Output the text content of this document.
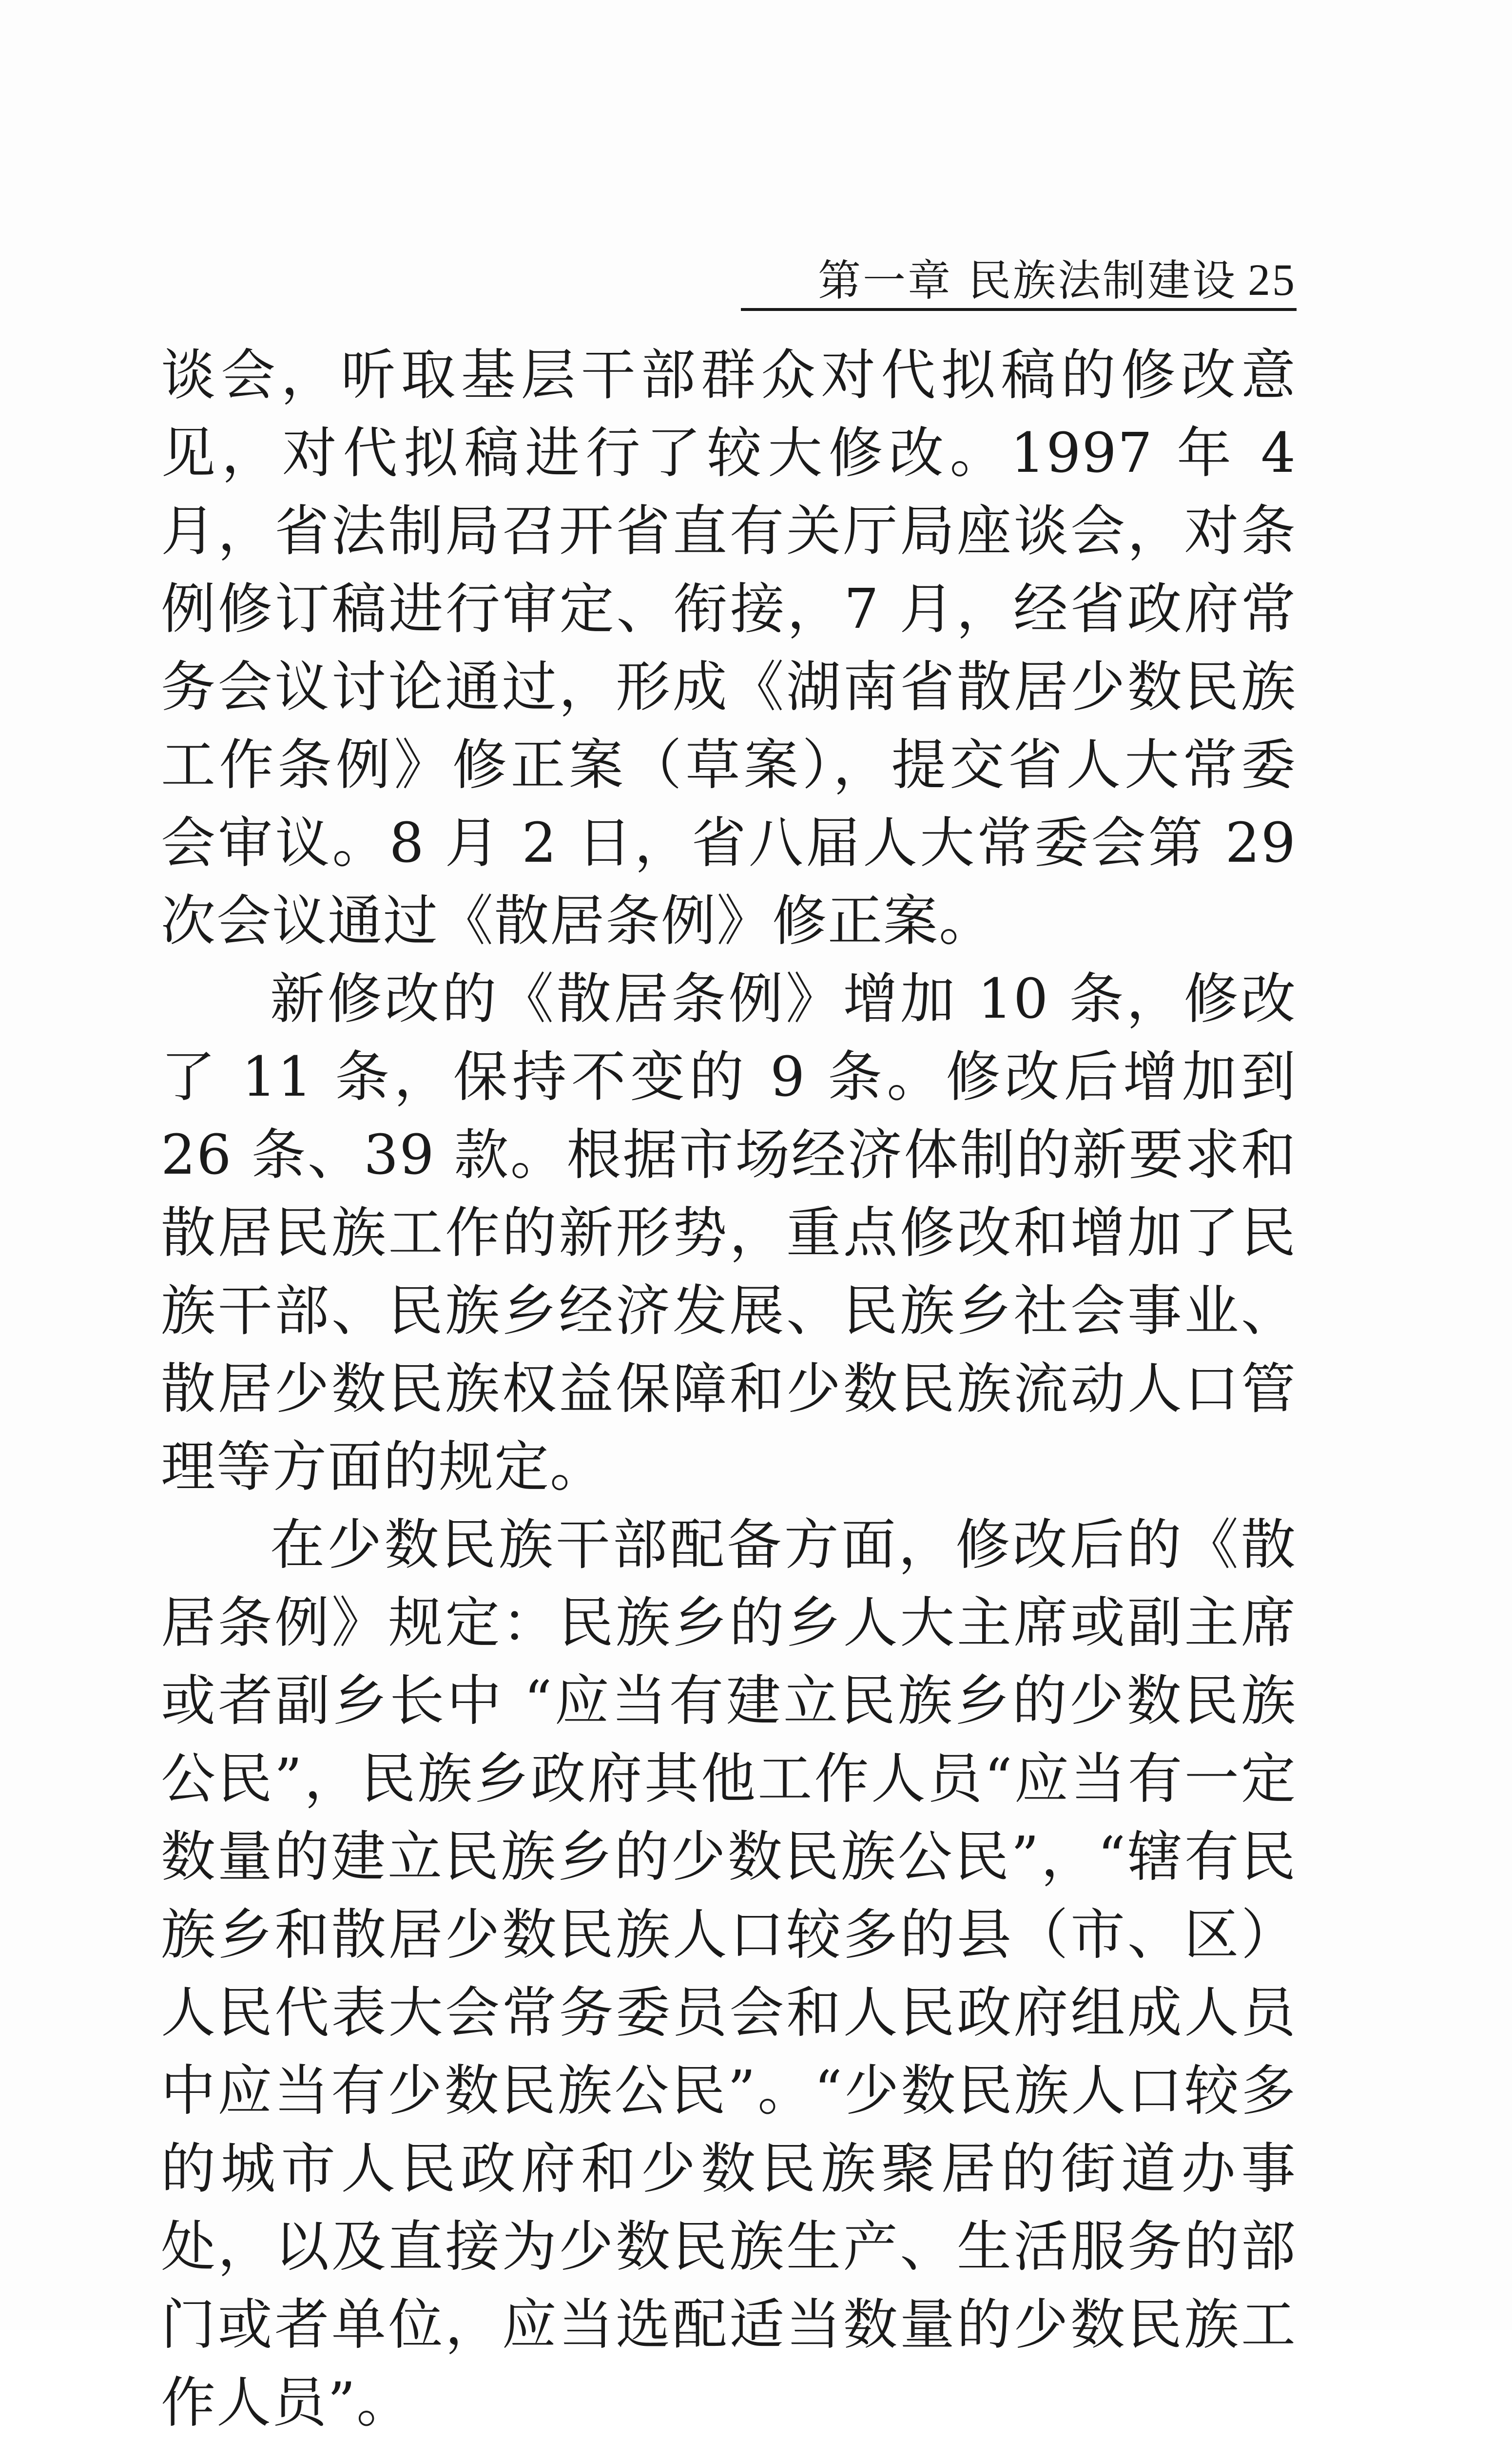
第一章 民族法制建设 25

谈会，听取基层干部群众对代拟稿的修改意见，对代拟稿进行了较大修改。1997 年 4 月，省法制局召开省直有关厅局座谈会，对条例修订稿进行审定、衔接，7 月，经省政府常务会议讨论通过，形成《湖南省散居少数民族工作条例》修正案（草案），提交省人大常委会审议。8 月 2 日，省八届人大常委会第 29 次会议通过《散居条例》修正案。

新修改的《散居条例》增加 10 条，修改了 11 条，保持不变的 9 条。修改后增加到 26 条、39 款。根据市场经济体制的新要求和散居民族工作的新形势，重点修改和增加了民族干部、民族乡经济发展、民族乡社会事业、散居少数民族权益保障和少数民族流动人口管理等方面的规定。

在少数民族干部配备方面，修改后的《散居条例》规定：民族乡的乡人大主席或副主席或者副乡长中 “应当有建立民族乡的少数民族公民”，民族乡政府其他工作人员“应当有一定数量的建立民族乡的少数民族公民”，“辖有民族乡和散居少数民族人口较多的县（市、区）人民代表大会常务委员会和人民政府组成人员中应当有少数民族公民”。“少数民族人口较多的城市人民政府和少数民族聚居的街道办事处，以及直接为少数民族生产、生活服务的部门或者单位，应当选配适当数量的少数民族工作人员”。
